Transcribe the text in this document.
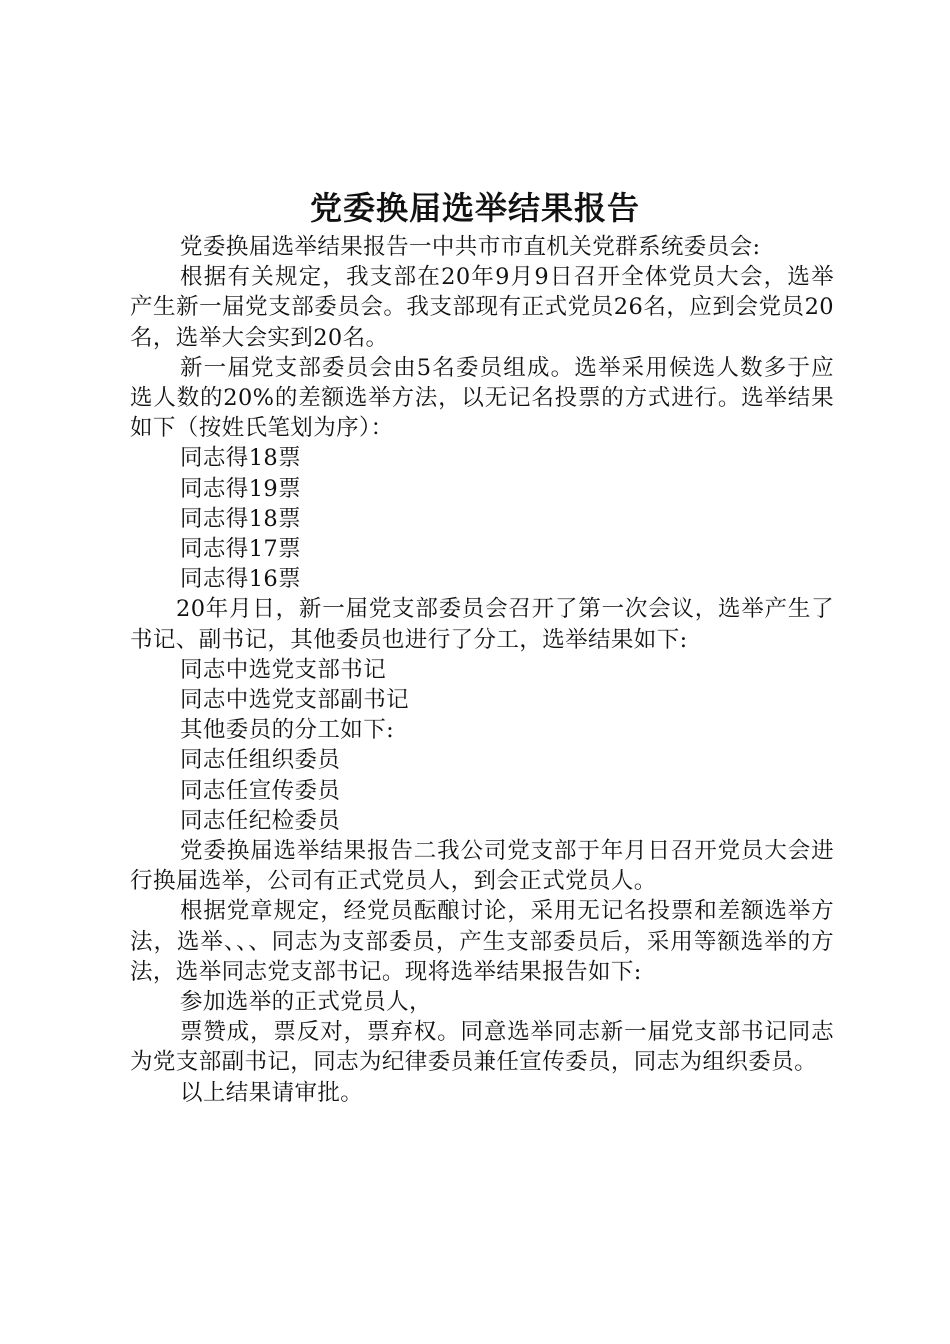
党委换届选举结果报告

党委换届选举结果报告一中共市市直机关党群系统委员会:

根据有关规定，我支部在20年9月9日召开全体党员大会，选举产生新一届党支部委员会。我支部现有正式党员26名，应到会党员20名，选举大会实到20名。

新一届党支部委员会由5名委员组成。选举采用候选人数多于应选人数的20%的差额选举方法，以无记名投票的方式进行。选举结果如下（按姓氏笔划为序）：

同志得18票

同志得19票

同志得18票

同志得17票

同志得16票

20年月日，新一届党支部委员会召开了第一次会议，选举产生了书记、副书记，其他委员也进行了分工，选举结果如下:

同志中选党支部书记

同志中选党支部副书记

其他委员的分工如下:

同志任组织委员

同志任宣传委员

同志任纪检委员

党委换届选举结果报告二我公司党支部于年月日召开党员大会进行换届选举，公司有正式党员人，到会正式党员人。

根据党章规定，经党员酝酿讨论，采用无记名投票和差额选举方法，选举、、、同志为支部委员，产生支部委员后，采用等额选举的方法，选举同志党支部书记。现将选举结果报告如下:

参加选举的正式党员人，

票赞成，票反对，票弃权。同意选举同志新一届党支部书记同志为党支部副书记，同志为纪律委员兼任宣传委员，同志为组织委员。

以上结果请审批。
